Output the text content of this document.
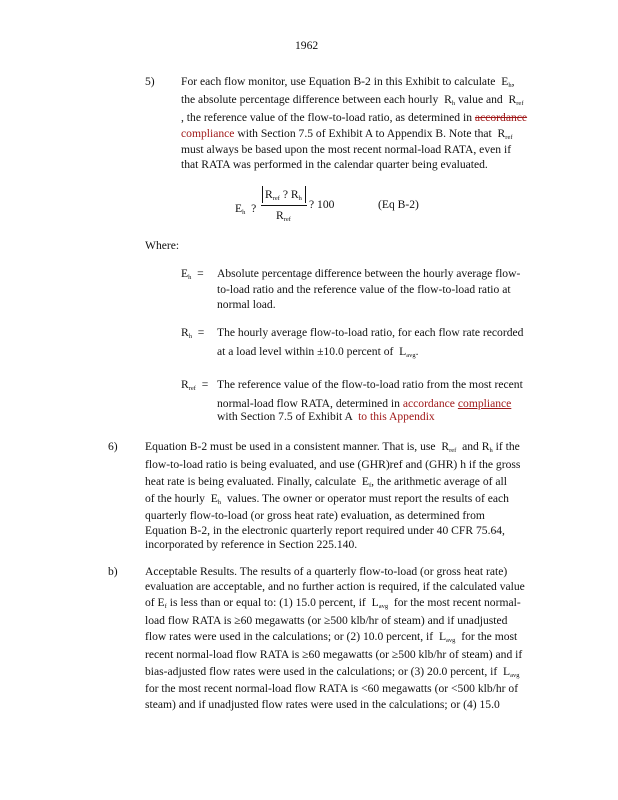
1962
5) For each flow monitor, use Equation B-2 in this Exhibit to calculate $E_h$,
the absolute percentage difference between each hourly $R_h$ value and $R_{ref}$
, the reference value of the flow-to-load ratio, as determined in accordance
compliance with Section 7.5 of Exhibit A to Appendix B. Note that $R_{ref}$
must always be based upon the most recent normal-load RATA, even if
that RATA was performed in the calendar quarter being evaluated.
$E_h$ ?
$R_{ref}$ ? $R_h$
$R_{ref}$
? 100	(Eq B-2)
Where:
$E_h$ = Absolute percentage difference between the hourly average flow-
to-load ratio and the reference value of the flow-to-load ratio at
normal load.
$R_h$ = The hourly average flow-to-load ratio, for each flow rate recorded
at a load level within ±10.0 percent of $L_{avg}$.
$R_{ref}$ = The reference value of the flow-to-load ratio from the most recent
normal-load flow RATA, determined in accordance compliance
with Section 7.5 of Exhibit A to this Appendix
6) Equation B-2 must be used in a consistent manner. That is, use $R_{ref}$ and $R_h$ if the
flow-to-load ratio is being evaluated, and use (GHR)ref and (GHR) h if the gross
heat rate is being evaluated. Finally, calculate $E_f$, the arithmetic average of all
of the hourly $E_h$ values. The owner or operator must report the results of each
quarterly flow-to-load (or gross heat rate) evaluation, as determined from
Equation B-2, in the electronic quarterly report required under 40 CFR 75.64,
incorporated by reference in Section 225.140.
b) Acceptable Results. The results of a quarterly flow-to-load (or gross heat rate)
evaluation are acceptable, and no further action is required, if the calculated value
of $E_f$ is less than or equal to: (1) 15.0 percent, if $L_{avg}$ for the most recent normal-
load flow RATA is ≥60 megawatts (or ≥500 klb/hr of steam) and if unadjusted
flow rates were used in the calculations; or (2) 10.0 percent, if $L_{avg}$ for the most
recent normal-load flow RATA is ≥60 megawatts (or ≥500 klb/hr of steam) and if
bias-adjusted flow rates were used in the calculations; or (3) 20.0 percent, if $L_{avg}$
for the most recent normal-load flow RATA is <60 megawatts (or <500 klb/hr of
steam) and if unadjusted flow rates were used in the calculations; or (4) 15.0
